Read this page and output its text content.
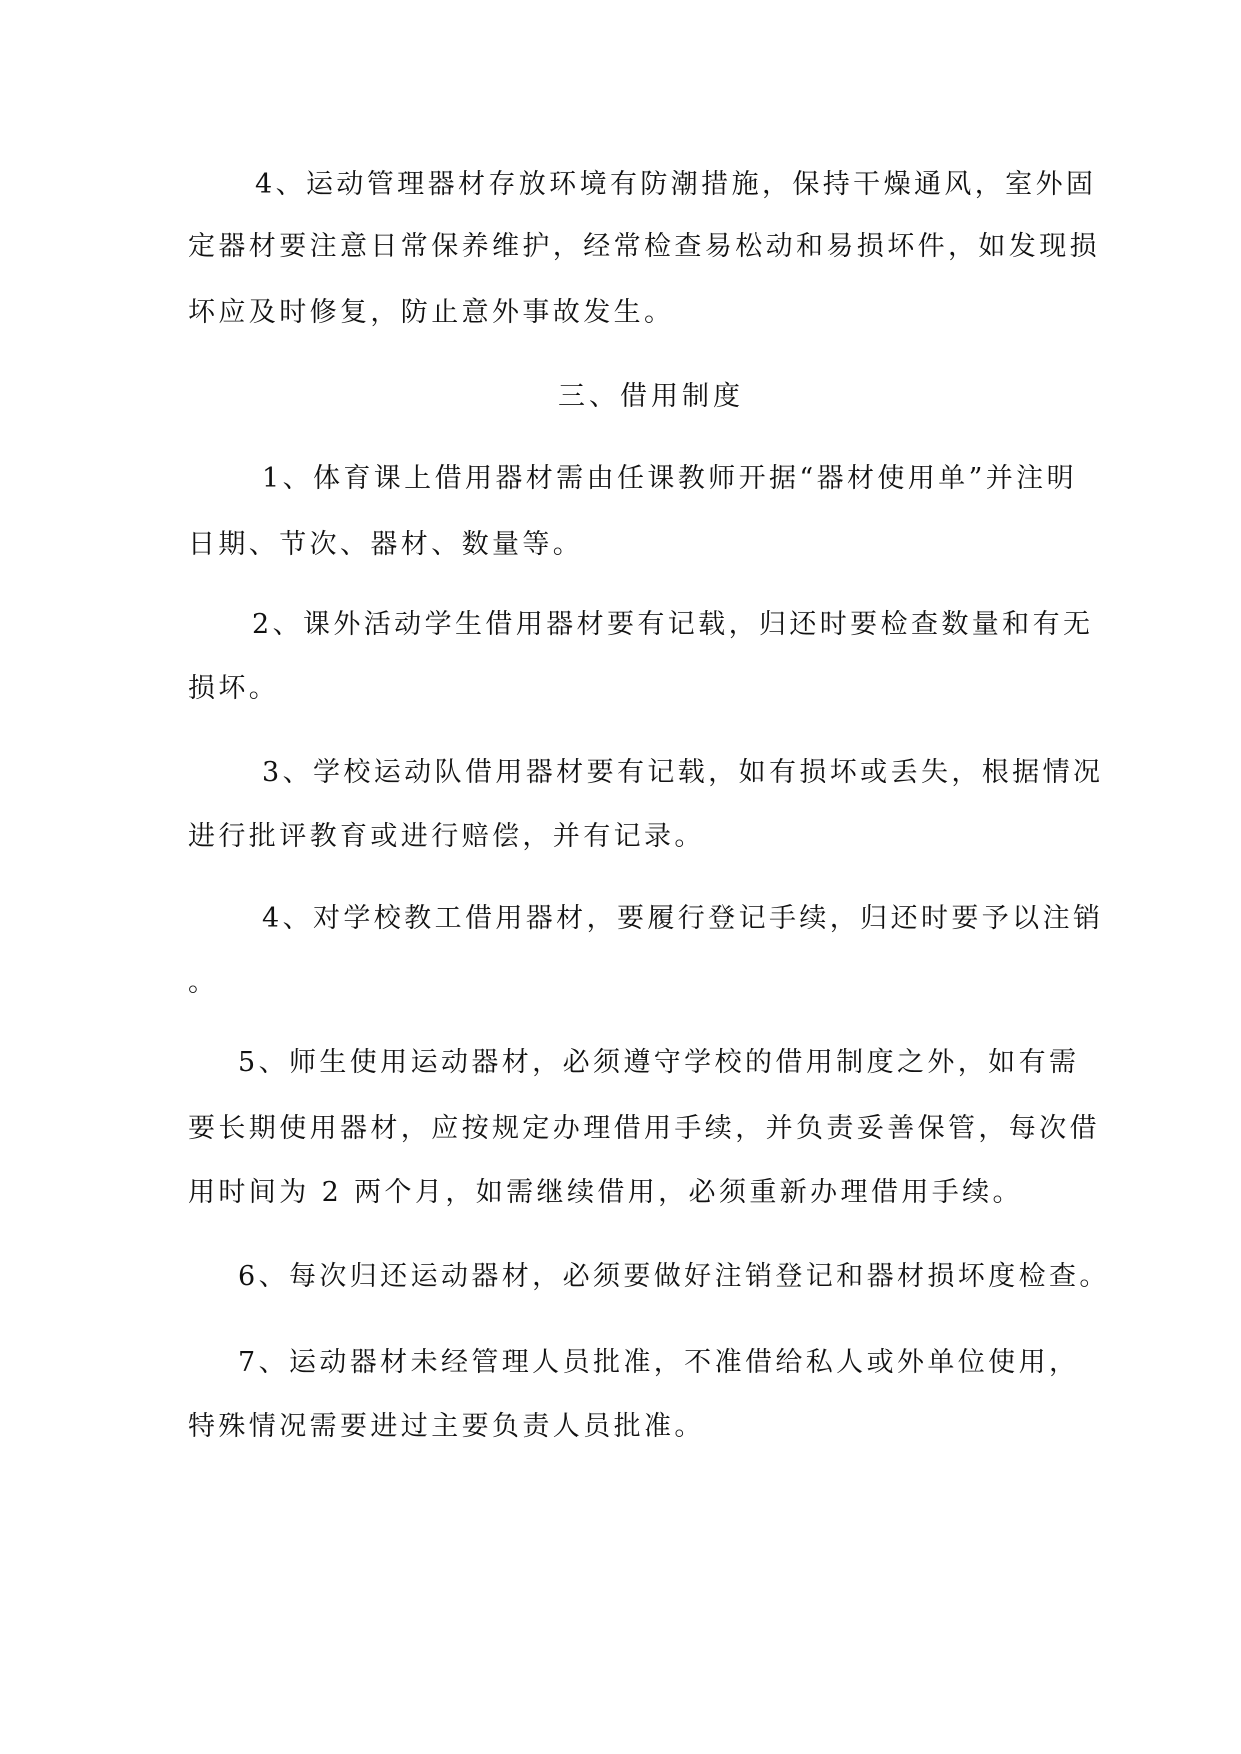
4、运动管理器材存放环境有防潮措施，保持干燥通风，室外固
定器材要注意日常保养维护，经常检查易松动和易损坏件，如发现损
坏应及时修复，防止意外事故发生。
三、借用制度
1、体育课上借用器材需由任课教师开据“器材使用单”并注明
日期、节次、器材、数量等。
2、课外活动学生借用器材要有记载，归还时要检查数量和有无
损坏。
3、学校运动队借用器材要有记载，如有损坏或丢失，根据情况
进行批评教育或进行赔偿，并有记录。
4、对学校教工借用器材，要履行登记手续，归还时要予以注销
。
5、师生使用运动器材，必须遵守学校的借用制度之外，如有需
要长期使用器材，应按规定办理借用手续，并负责妥善保管，每次借
用时间为 2 两个月，如需继续借用，必须重新办理借用手续。
6、每次归还运动器材，必须要做好注销登记和器材损坏度检查。
7、运动器材未经管理人员批准，不准借给私人或外单位使用，
特殊情况需要进过主要负责人员批准。
